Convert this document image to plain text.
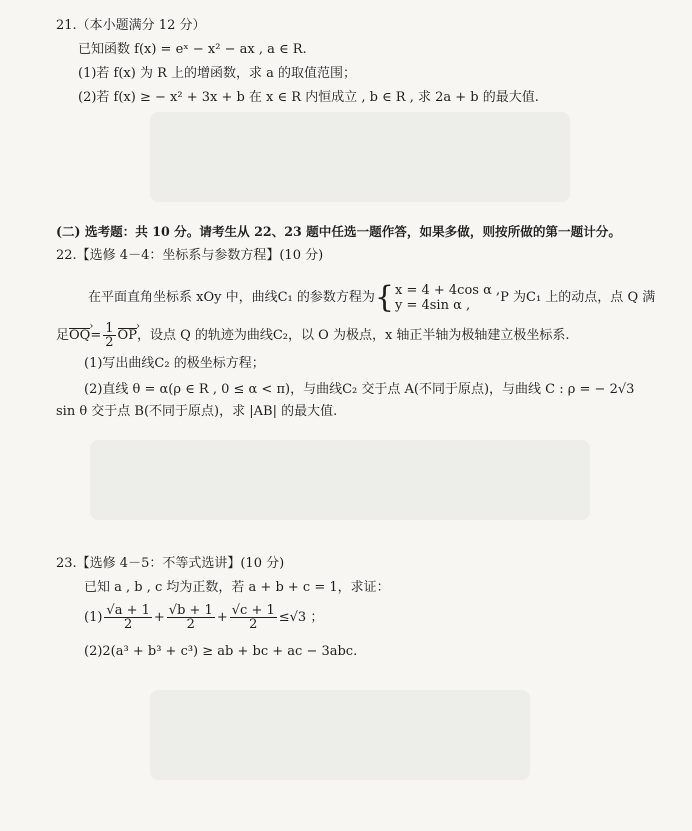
21.（本小题满分 12 分）
已知函数 f(x) = eˣ − x² − ax , a ∈ R.
(1)若 f(x) 为 R 上的增函数，求 a 的取值范围；
(2)若 f(x) ≥ − x² + 3x + b 在 x ∈ R 内恒成立 , b ∈ R , 求 2a + b 的最大值.
(二) 选考题：共 10 分。请考生从 22、23 题中任选一题作答，如果多做，则按所做的第一题计分。
22.【选修 4－4：坐标系与参数方程】(10 分)
在平面直角坐标系 xOy 中，曲线C₁ 的参数方程为 { x = 4 + 4cos α ,
y = 4sin α ,
P 为C₁ 上的动点，点 Q 满
足 OQ › = $\frac{1}{2}$ OP › ，设点 Q 的轨迹为曲线C₂，以 O 为极点，x 轴正半轴为极轴建立极坐标系.
(1)写出曲线C₂ 的极坐标方程；
(2)直线 θ = α(ρ ∈ R , 0 ≤ α < π)，与曲线C₂ 交于点 A(不同于原点)，与曲线 C : ρ = − 2√3
sin θ 交于点 B(不同于原点)，求 |AB| 的最大值.
23.【选修 4－5：不等式选讲】(10 分)
已知 a , b , c 均为正数，若 a + b + c = 1，求证：
$(1) \frac{√a + 1}{2} + \frac{√b + 1}{2} + \frac{√c + 1}{2} \le√3$ ；
(2)2(a³ + b³ + c³) ≥ ab + bc + ac − 3abc.
